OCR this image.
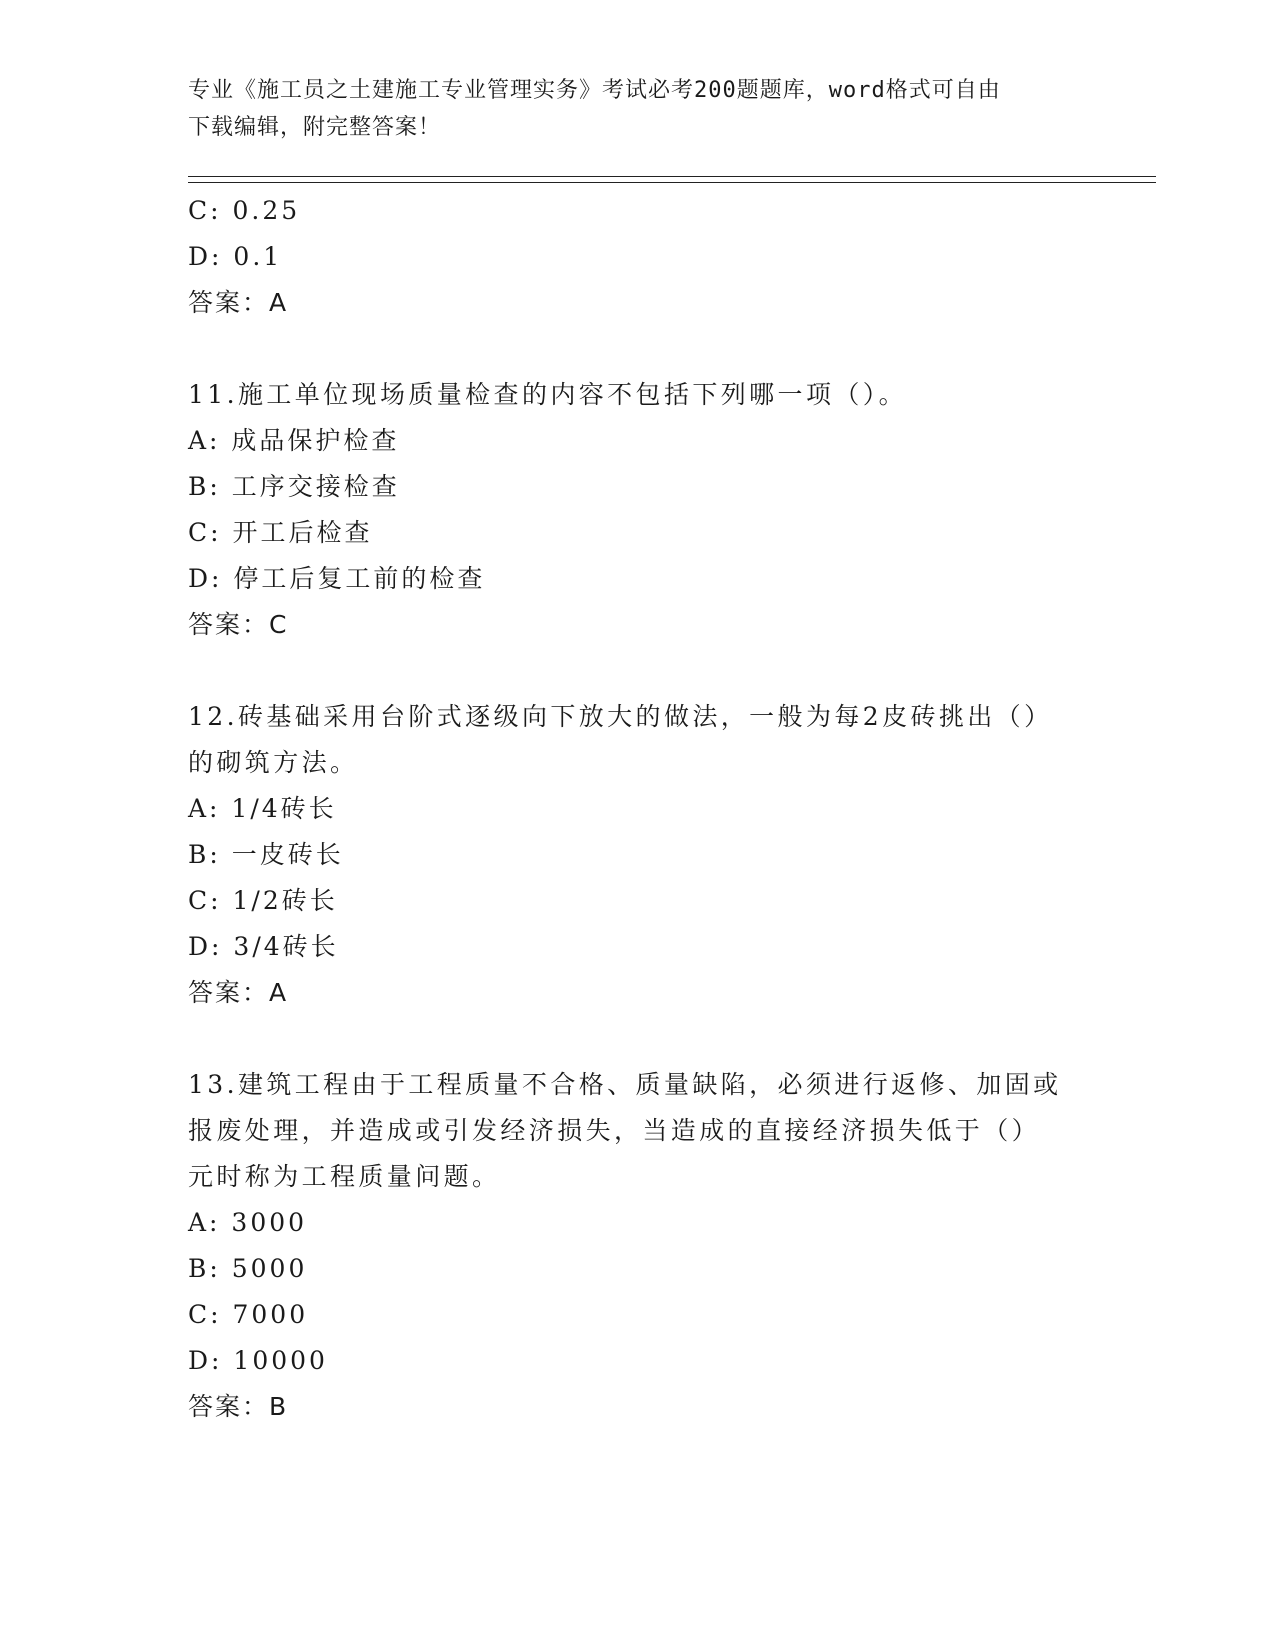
专业《施工员之土建施工专业管理实务》考试必考200题题库，word格式可自由
下载编辑，附完整答案！
C: 0.25
D: 0.1
答案：A
11.施工单位现场质量检查的内容不包括下列哪一项（）。
A: 成品保护检查
B: 工序交接检查
C: 开工后检查
D: 停工后复工前的检查
答案：C
12.砖基础采用台阶式逐级向下放大的做法，一般为每2皮砖挑出（）
的砌筑方法。
A: 1/4砖长
B: 一皮砖长
C: 1/2砖长
D: 3/4砖长
答案：A
13.建筑工程由于工程质量不合格、质量缺陷，必须进行返修、加固或
报废处理，并造成或引发经济损失，当造成的直接经济损失低于（）
元时称为工程质量问题。
A: 3000
B: 5000
C: 7000
D: 10000
答案：B
